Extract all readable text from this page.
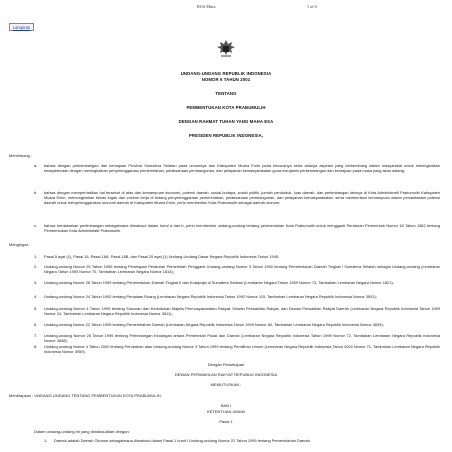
RGS Mitra	1 of 6
Lampiran
UNDANG-UNDANG REPUBLIK INDONESIA
NOMOR 6 TAHUN 2001
TENTANG
PEMBENTUKAN KOTA PRABUMULIH
DENGAN RAHMAT TUHAN YANG MAHA ESA
PRESIDEN REPUBLIK INDONESIA,
Menimbang :
a. bahwa dengan perkembangan dan kemajuan Provinsi Sumatera Selatan pada umumnya dan Kabupaten Muara Enim pada khususnya serta adanya aspirasi yang berkembang dalam masyarakat untuk meningkatkan kesejahteraan dengan meningkatkan penyelenggaraan pemerintahan, pelaksanaan pembangunan, dan pelayanan kemasyarakatan guna menjamin perkembangan dan kemajuan pada masa yang akan datang;
b. bahwa dengan memperhatikan hal tersebut di atas dan kemampuan ekonomi, potensi daerah, sosial budaya, sosial politik, jumlah penduduk, luas daerah, dan pertimbangan lainnya di Kota Administratif Prabumulih Kabupaten Muara Enim, memungkinkan bekas tugas dan volume kerja di bidang penyelenggaraan pemerintahan, pelaksanaan pembangunan, dan pelayanan kemasyarakatan, serta memberikan kemampuan dalam pemanfaatan potensi daerah untuk menyelenggarakan otonomi daerah di Kabupaten Muara Enim, perlu membentuk Kota Prabumulih sebagai daerah otonom;
c. bahwa berdasarkan pertimbangan sebagaimana dimaksud dalam huruf a dan b, perlu membentuk undang-undang tentang pembentukan Kota Prabumulih untuk mengganti Peraturan Pemerintah Nomor 18 Tahun 1982 tentang Pembentukan Kota Administratif Prabumulih.
Mengingat :
1. Pasal 5 ayat (1), Pasal 18, Pasal 18A, Pasal 18B, dan Pasal 20 ayat (1) Undang-Undang Dasar Negara Republik Indonesia Tahun 1945;
2. Undang-undang Nomor 25 Tahun 1959 tentang Penetapan Peraturan Pemerintah Pengganti Undang-undang Nomor 3 Tahun 1950 tentang Pembentukan Daerah Tingkat I Sumatera Selatan sebagai Undang-undang (Lembaran Negara Tahun 1959 Nomor 70, Tambahan Lembaran Negara Nomor 1814);
3. Undang-undang Nomor 28 Tahun 1959 tentang Pembentukan Daerah Tingkat II dan Kotapraja di Sumatera Selatan (Lembaran Negara Tahun 1959 Nomor 73, Tambahan Lembaran Negara Nomor 1821);
4. Undang-undang Nomor 24 Tahun 1992 tentang Penataan Ruang (Lembaran Negara Republik Indonesia Tahun 1992 Nomor 115, Tambahan Lembaran Negara Republik Indonesia Nomor 3501);
5. Undang-undang Nomor 4 Tahun 1999 tentang Susunan dan Kedudukan Majelis Permusyawaratan Rakyat, Dewan Perwakilan Rakyat, dan Dewan Perwakilan Rakyat Daerah (Lembaran Negara Republik Indonesia Tahun 1999 Nomor 24, Tambahan Lembaran Negara Republik Indonesia Nomor 3811);
6. Undang-undang Nomor 22 Tahun 1999 tentang Pemerintahan Daerah (Lembaran Negara Republik Indonesia Tahun 1999 Nomor 60, Tambahan Lembaran Negara Republik Indonesia Nomor 3839);
7. Undang-undang Nomor 25 Tahun 1999 tentang Perimbangan Keuangan antara Pemerintah Pusat dan Daerah (Lembaran Negara Republik Indonesia Tahun 1999 Nomor 72, Tambahan Lembaran Negara Republik Indonesia Nomor 3848);
8. Undang-undang Nomor 4 Tahun 2000 tentang Perubahan atas Undang-undang Nomor 3 Tahun 1999 tentang Pemilihan Umum (Lembaran Negara Republik Indonesia Tahun 2000 Nomor 71, Tambahan Lembaran Negara Republik Indonesia Nomor 3959).
Dengan Persetujuan
DEWAN PERWAKILAN RAKYAT REPUBLIK INDONESIA
MEMUTUSKAN :
Menetapkan : UNDANG-UNDANG TENTANG PEMBENTUKAN KOTA PRABUMULIH.
BAB I
KETENTUAN UMUM
Pasal 1
Dalam undang-undang ini yang dimaksudkan dengan:
1. Daerah adalah Daerah Otonom sebagaimana dimaksud dalam Pasal 1 huruf i Undang-undang Nomor 22 Tahun 1999 tentang Pemerintahan Daerah.
